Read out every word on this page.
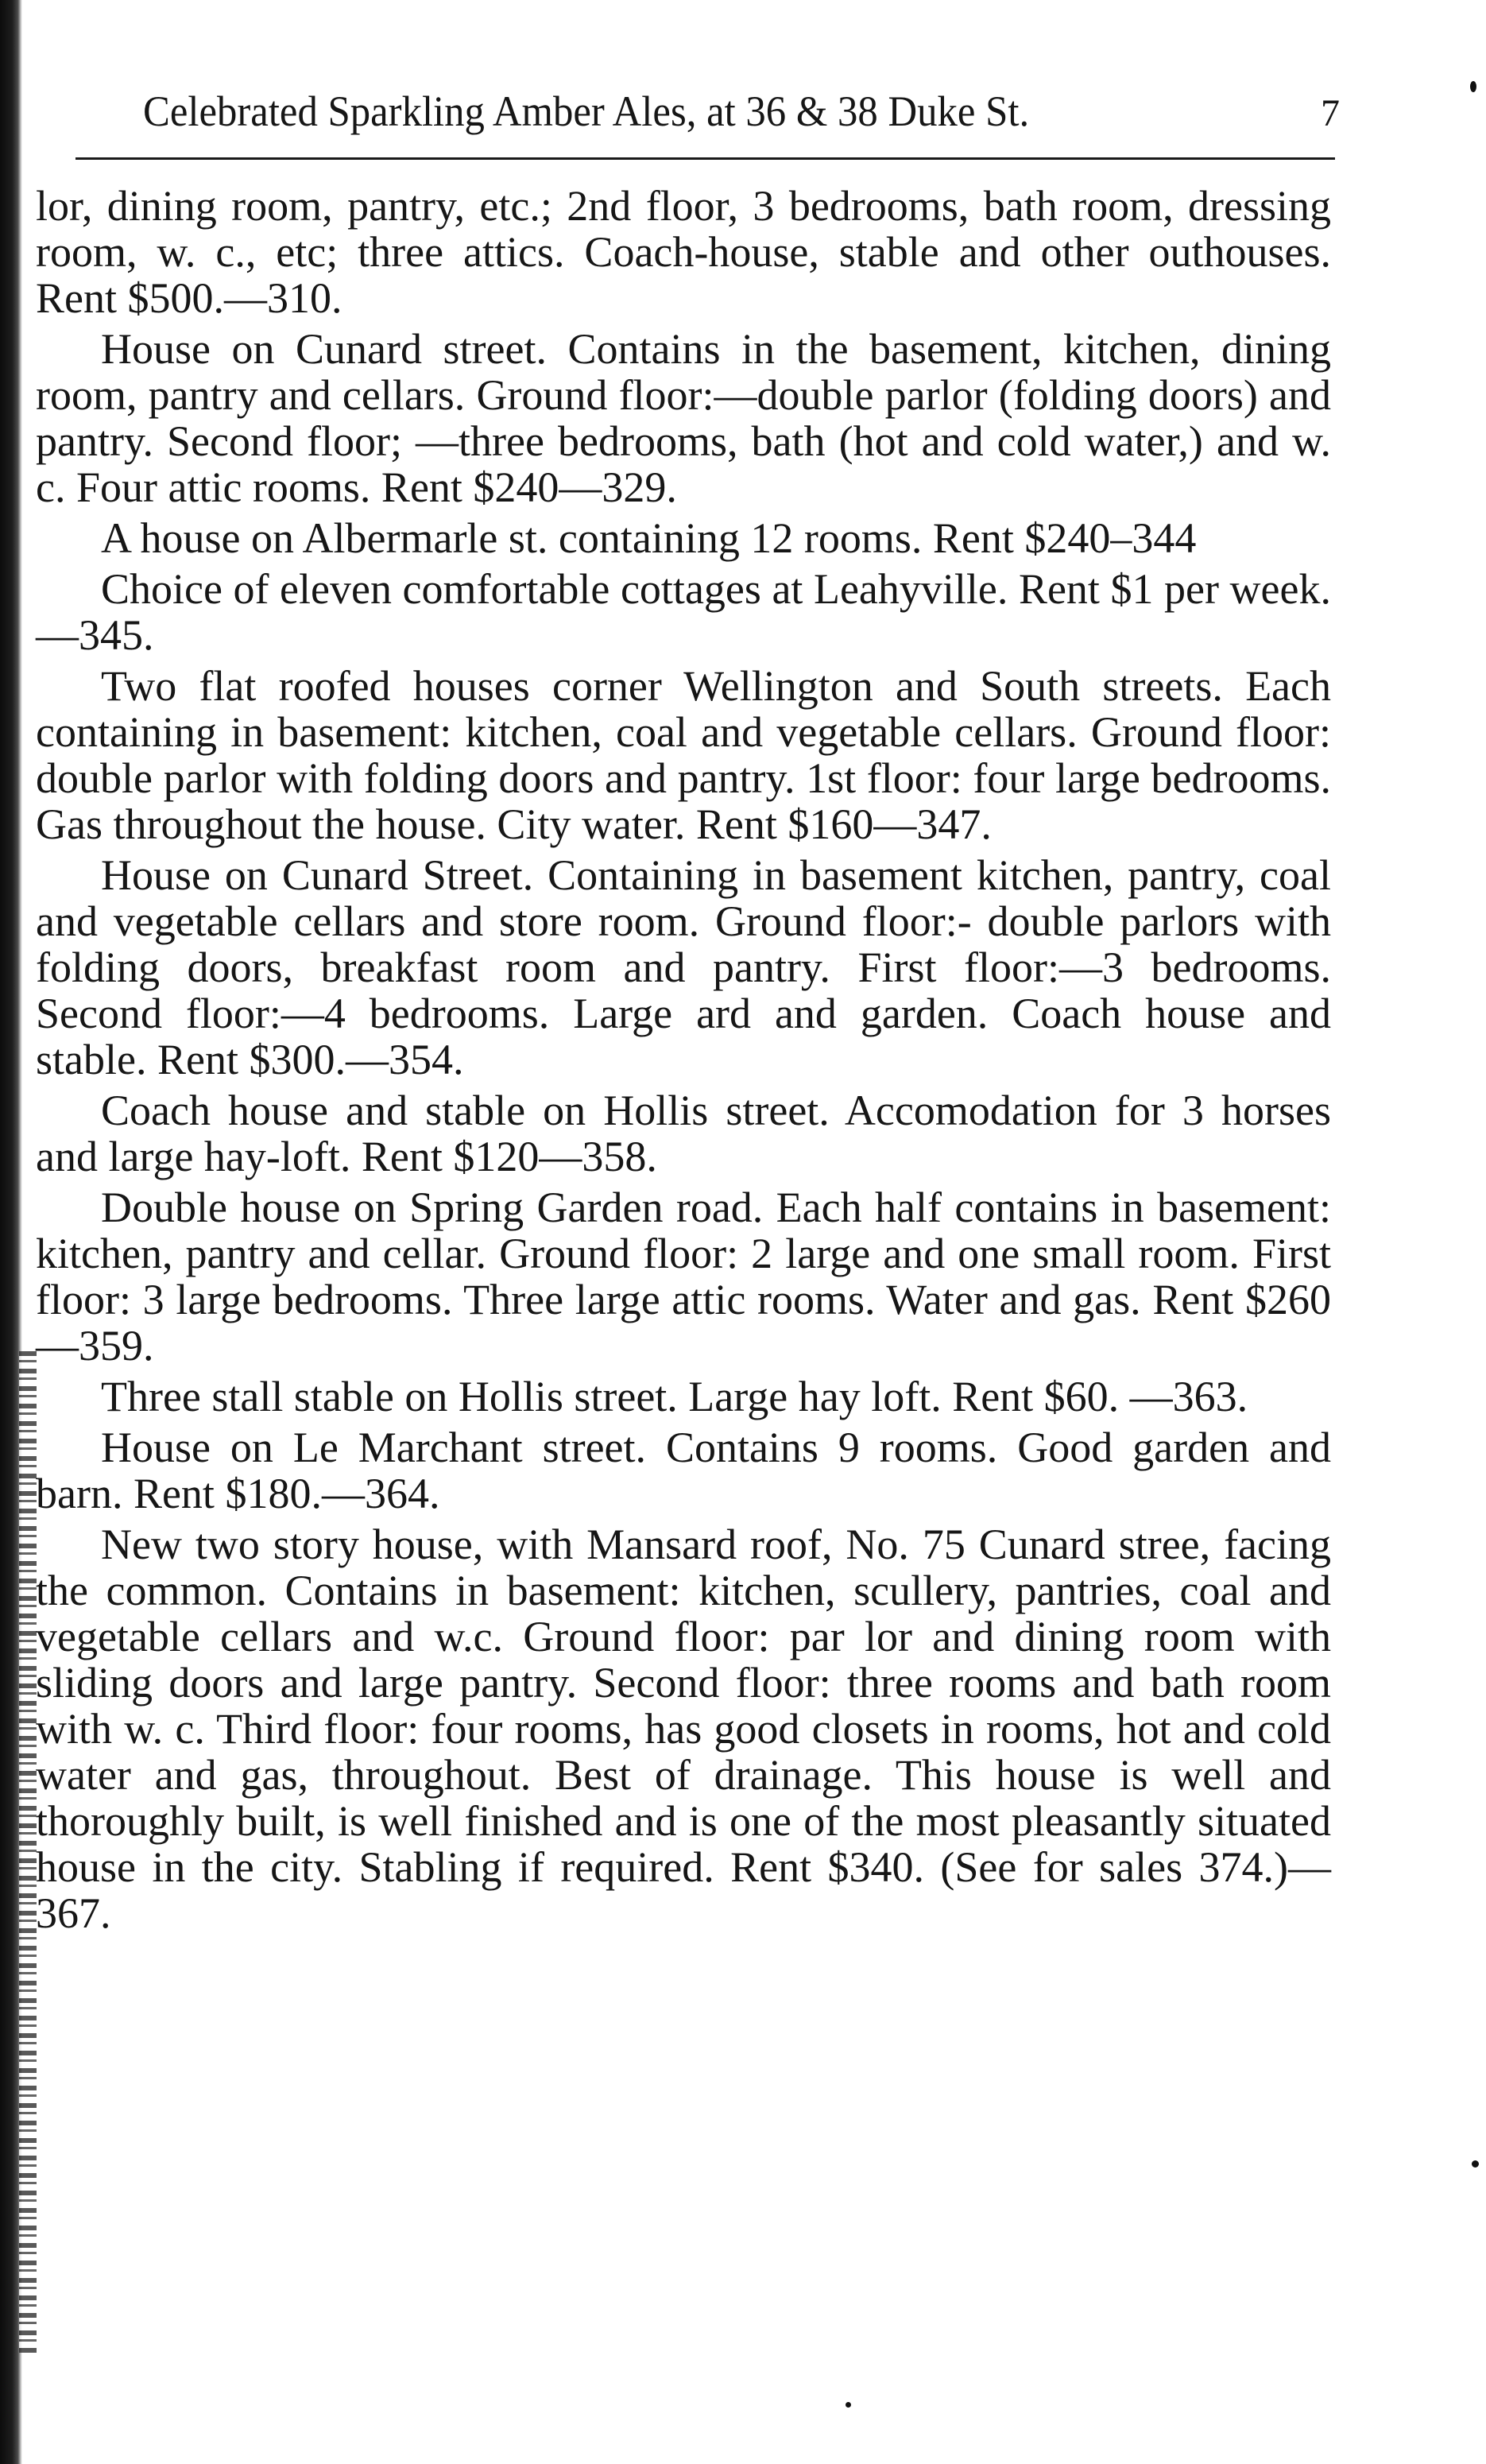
Celebrated Sparkling Amber Ales, at 36 & 38 Duke St.	7

lor, dining room, pantry, etc.; 2nd floor, 3 bedrooms, bath room, dressing room, w. c., etc; three attics. Coach-house, stable and other outhouses. Rent $500.—310.

House on Cunard street. Contains in the basement, kitchen, dining room, pantry and cellars. Ground floor:—double parlor (folding doors) and pantry. Second floor; —three bedrooms, bath (hot and cold water,) and w. c. Four attic rooms. Rent $240—329.

A house on Albermarle st. containing 12 rooms. Rent $240–344

Choice of eleven comfortable cottages at Leahyville. Rent $1 per week.—345.

Two flat roofed houses corner Wellington and South streets. Each containing in basement: kitchen, coal and vegetable cellars. Ground floor: double parlor with folding doors and pantry. 1st floor: four large bedrooms. Gas throughout the house. City water. Rent $160—347.

House on Cunard Street. Containing in basement kitchen, pantry, coal and vegetable cellars and store room. Ground floor:- double parlors with folding doors, breakfast room and pantry. First floor:—3 bedrooms. Second floor:—4 bedrooms. Large ard and garden. Coach house and stable. Rent $300.—354.

Coach house and stable on Hollis street. Accomodation for 3 horses and large hay-loft. Rent $120—358.

Double house on Spring Garden road. Each half contains in basement: kitchen, pantry and cellar. Ground floor: 2 large and one small room. First floor: 3 large bedrooms. Three large attic rooms. Water and gas. Rent $260—359.

Three stall stable on Hollis street. Large hay loft. Rent $60. —363.

House on Le Marchant street. Contains 9 rooms. Good garden and barn. Rent $180.—364.

New two story house, with Mansard roof, No. 75 Cunard stree, facing the common. Contains in basement: kitchen, scullery, pantries, coal and vegetable cellars and w.c. Ground floor: par lor and dining room with sliding doors and large pantry. Second floor: three rooms and bath room with w. c. Third floor: four rooms, has good closets in rooms, hot and cold water and gas, throughout. Best of drainage. This house is well and thoroughly built, is well finished and is one of the most pleasantly situated house in the city. Stabling if required. Rent $340. (See for sales 374.)—367.
